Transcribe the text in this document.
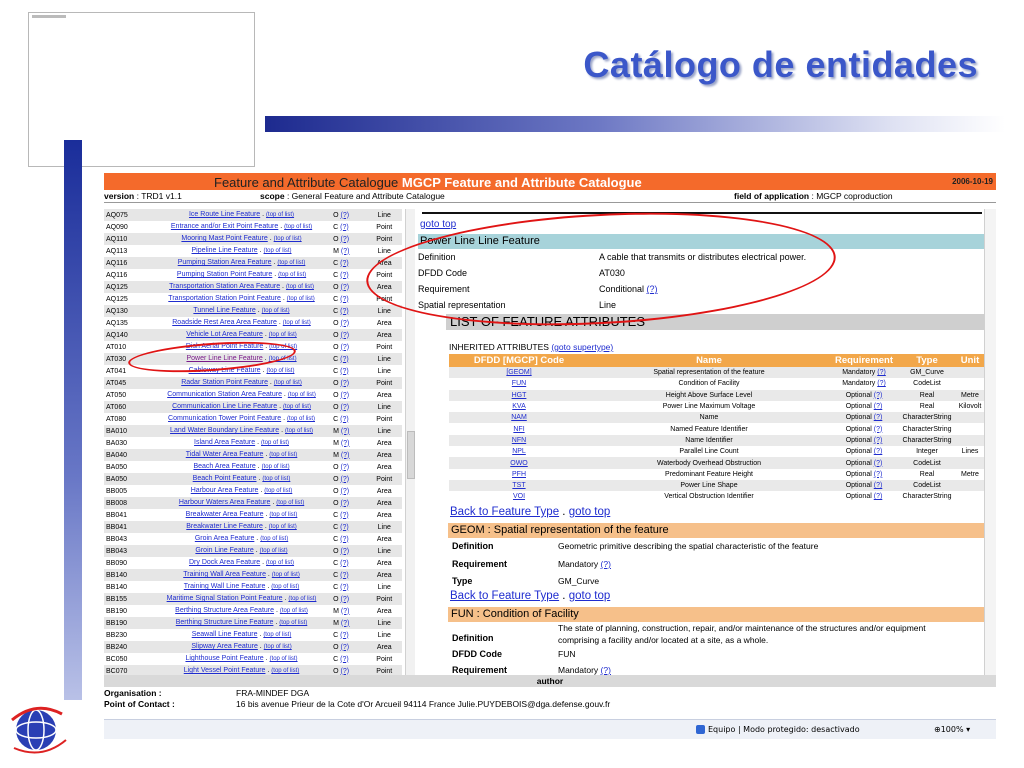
Catálogo de entidades
Feature and Attribute Catalogue MGCP Feature and Attribute Catalogue	2006-10-19
version : TRD1 v1.1	scope : General Feature and Attribute Catalogue	field of application : MGCP coproduction
AQ075	Ice Route Line Feature . (top of list)	O (?)	Line
AQ090	Entrance and/or Exit Point Feature . (top of list)	C (?)	Point
AQ110	Mooring Mast Point Feature . (top of list)	O (?)	Point
AQ113	Pipeline Line Feature . (top of list)	M (?)	Line
AQ116	Pumping Station Area Feature . (top of list)	C (?)	Area
AQ116	Pumping Station Point Feature . (top of list)	C (?)	Point
AQ125	Transportation Station Area Feature . (top of list)	O (?)	Area
AQ125	Transportation Station Point Feature . (top of list)	C (?)	Point
AQ130	Tunnel Line Feature . (top of list)	C (?)	Line
AQ135	Roadside Rest Area Area Feature . (top of list)	O (?)	Area
AQ140	Vehicle Lot Area Feature . (top of list)	O (?)	Area
AT010	Dish Aerial Point Feature . (top of list)	O (?)	Point
AT030	Power Line Line Feature . (top of list)	C (?)	Line
AT041	Cableway Line Feature . (top of list)	C (?)	Line
AT045	Radar Station Point Feature . (top of list)	O (?)	Point
AT050	Communication Station Area Feature . (top of list)	O (?)	Area
AT060	Communication Line Line Feature . (top of list)	O (?)	Line
AT080	Communication Tower Point Feature . (top of list)	C (?)	Point
BA010	Land Water Boundary Line Feature . (top of list)	M (?)	Line
BA030	Island Area Feature . (top of list)	M (?)	Area
BA040	Tidal Water Area Feature . (top of list)	M (?)	Area
BA050	Beach Area Feature . (top of list)	O (?)	Area
BA050	Beach Point Feature . (top of list)	O (?)	Point
BB005	Harbour Area Feature . (top of list)	O (?)	Area
BB008	Harbour Waters Area Feature . (top of list)	O (?)	Area
BB041	Breakwater Area Feature . (top of list)	C (?)	Area
BB041	Breakwater Line Feature . (top of list)	C (?)	Line
BB043	Groin Area Feature . (top of list)	C (?)	Area
BB043	Groin Line Feature . (top of list)	O (?)	Line
BB090	Dry Dock Area Feature . (top of list)	C (?)	Area
BB140	Training Wall Area Feature . (top of list)	C (?)	Area
BB140	Training Wall Line Feature . (top of list)	C (?)	Line
BB155	Maritime Signal Station Point Feature . (top of list)	O (?)	Point
BB190	Berthing Structure Area Feature . (top of list)	M (?)	Area
BB190	Berthing Structure Line Feature . (top of list)	M (?)	Line
BB230	Seawall Line Feature . (top of list)	C (?)	Line
BB240	Slipway Area Feature . (top of list)	O (?)	Area
BC050	Lighthouse Point Feature . (top of list)	C (?)	Point
BC070	Light Vessel Point Feature . (top of list)	O (?)	Point
goto top
Power Line Line Feature
Definition	A cable that transmits or distributes electrical power.
DFDD Code	AT030
Requirement	Conditional (?)
Spatial representation	Line
LIST OF FEATURE ATTRIBUTES
INHERITED ATTRIBUTES (goto supertype)
DFDD [MGCP] Code	Name	Requirement	Type	Unit
[GEOM]	Spatial representation of the feature	Mandatory (?)	GM_Curve	
FUN	Condition of Facility	Mandatory (?)	CodeList	
HGT	Height Above Surface Level	Optional (?)	Real	Metre
KVA	Power Line Maximum Voltage	Optional (?)	Real	Kilovolt
NAM	Name	Optional (?)	CharacterString	
NFI	Named Feature Identifier	Optional (?)	CharacterString	
NFN	Name Identifier	Optional (?)	CharacterString	
NPL	Parallel Line Count	Optional (?)	Integer	Lines
OWO	Waterbody Overhead Obstruction	Optional (?)	CodeList	
PFH	Predominant Feature Height	Optional (?)	Real	Metre
TST	Power Line Shape	Optional (?)	CodeList	
VOI	Vertical Obstruction Identifier	Optional (?)	CharacterString	
Back to Feature Type . goto top
GEOM : Spatial representation of the feature
Definition	Geometric primitive describing the spatial characteristic of the feature
Requirement	Mandatory (?)
Type	GM_Curve
Back to Feature Type . goto top
FUN : Condition of Facility
Definition
The state of planning, construction, repair, and/or maintenance of the structures and/or equipment
comprising a facility and/or located at a site, as a whole.
DFDD Code	FUN
Requirement	Mandatory (?)
author
Organisation :	FRA-MINDEF DGA
Point of Contact :	16 bis avenue Prieur de la Cote d'Or Arcueil 94114 France Julie.PUYDEBOIS@dga.defense.gouv.fr
Equipo | Modo protegido: desactivado	⊕100% ▾
